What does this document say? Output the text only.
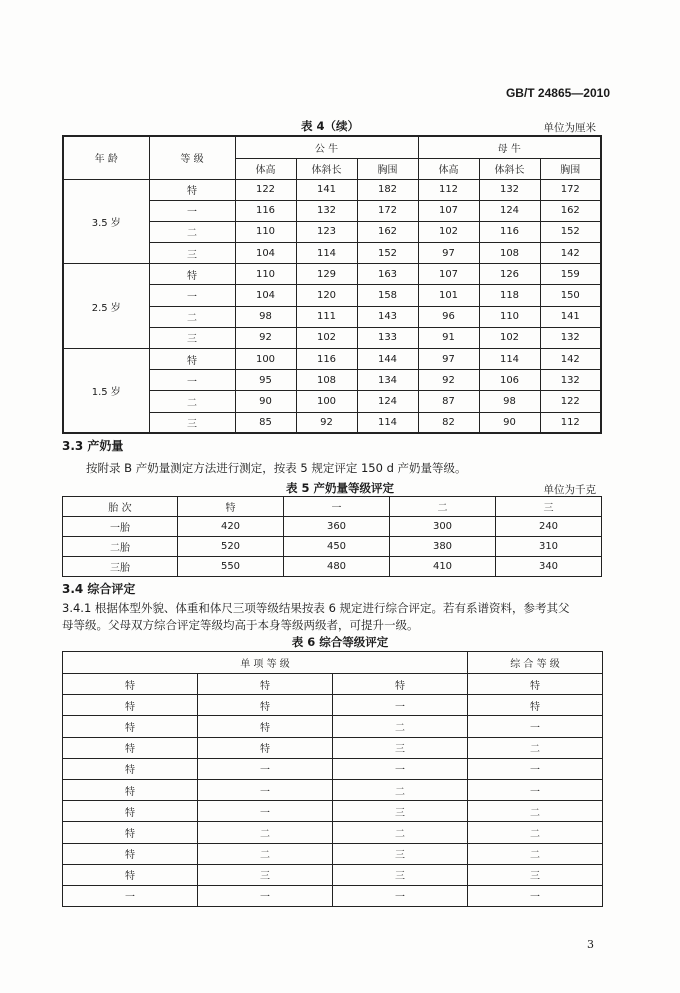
GB/T 24865—2010
表 4（续）	单位为厘米
年 龄	等 级	公 牛			母 牛		
		体高	体斜长	胸围	体高	体斜长	胸围
3.5 岁	特	122	141	182	112	132	172
	一	116	132	172	107	124	162
	二	110	123	162	102	116	152
	三	104	114	152	97	108	142
2.5 岁	特	110	129	163	107	126	159
	一	104	120	158	101	118	150
	二	98	111	143	96	110	141
	三	92	102	133	91	102	132
1.5 岁	特	100	116	144	97	114	142
	一	95	108	134	92	106	132
	二	90	100	124	87	98	122
	三	85	92	114	82	90	112
3.3 产奶量
按附录 B 产奶量测定方法进行测定，按表 5 规定评定 150 d 产奶量等级。
表 5 产奶量等级评定	单位为千克
胎 次	特	一	二	三
一胎	420	360	300	240
二胎	520	450	380	310
三胎	550	480	410	340
3.4 综合评定
3.4.1 根据体型外貌、体重和体尺三项等级结果按表 6 规定进行综合评定。若有系谱资料，参考其父
母等级。父母双方综合评定等级均高于本身等级两级者，可提升一级。
表 6 综合等级评定
单 项 等 级			综 合 等 级
特	特	特	特
特	特	一	特
特	特	二	一
特	特	三	二
特	一	一	一
特	一	二	一
特	一	三	二
特	二	二	二
特	二	三	二
特	三	三	三
一	一	一	一
3
